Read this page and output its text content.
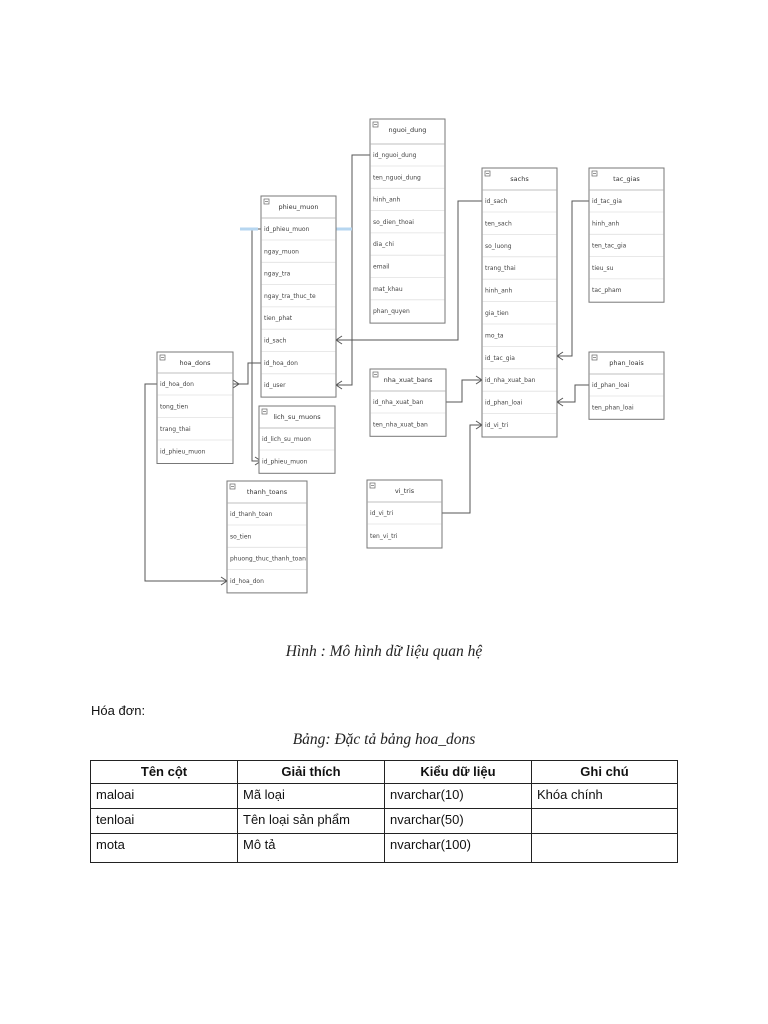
nguoi_dung
id_nguoi_dung
ten_nguoi_dung
hinh_anh
so_dien_thoai
dia_chi
email
mat_khau
phan_quyen
phieu_muon
id_phieu_muon
ngay_muon
ngay_tra
ngay_tra_thuc_te
tien_phat
id_sach
id_hoa_don
id_user
sachs
id_sach
ten_sach
so_luong
trang_thai
hinh_anh
gia_tien
mo_ta
id_tac_gia
id_nha_xuat_ban
id_phan_loai
id_vi_tri
tac_gias
id_tac_gia
hinh_anh
ten_tac_gia
tieu_su
tac_pham
hoa_dons
id_hoa_don
tong_tien
trang_thai
id_phieu_muon
lich_su_muons
id_lich_su_muon
id_phieu_muon
nha_xuat_bans
id_nha_xuat_ban
ten_nha_xuat_ban
phan_loais
id_phan_loai
ten_phan_loai
thanh_toans
id_thanh_toan
so_tien
phuong_thuc_thanh_toan
id_hoa_don
vi_tris
id_vi_tri
ten_vi_tri
Hình : Mô hình dữ liệu quan hệ
Hóa đơn:
Bảng: Đặc tả bảng hoa_dons
Tên cột	Giải thích	Kiểu dữ liệu	Ghi chú
maloai	Mã loại	nvarchar(10)	Khóa chính
tenloai	Tên loại sản phẩm	nvarchar(50)	
mota	Mô tả	nvarchar(100)	
